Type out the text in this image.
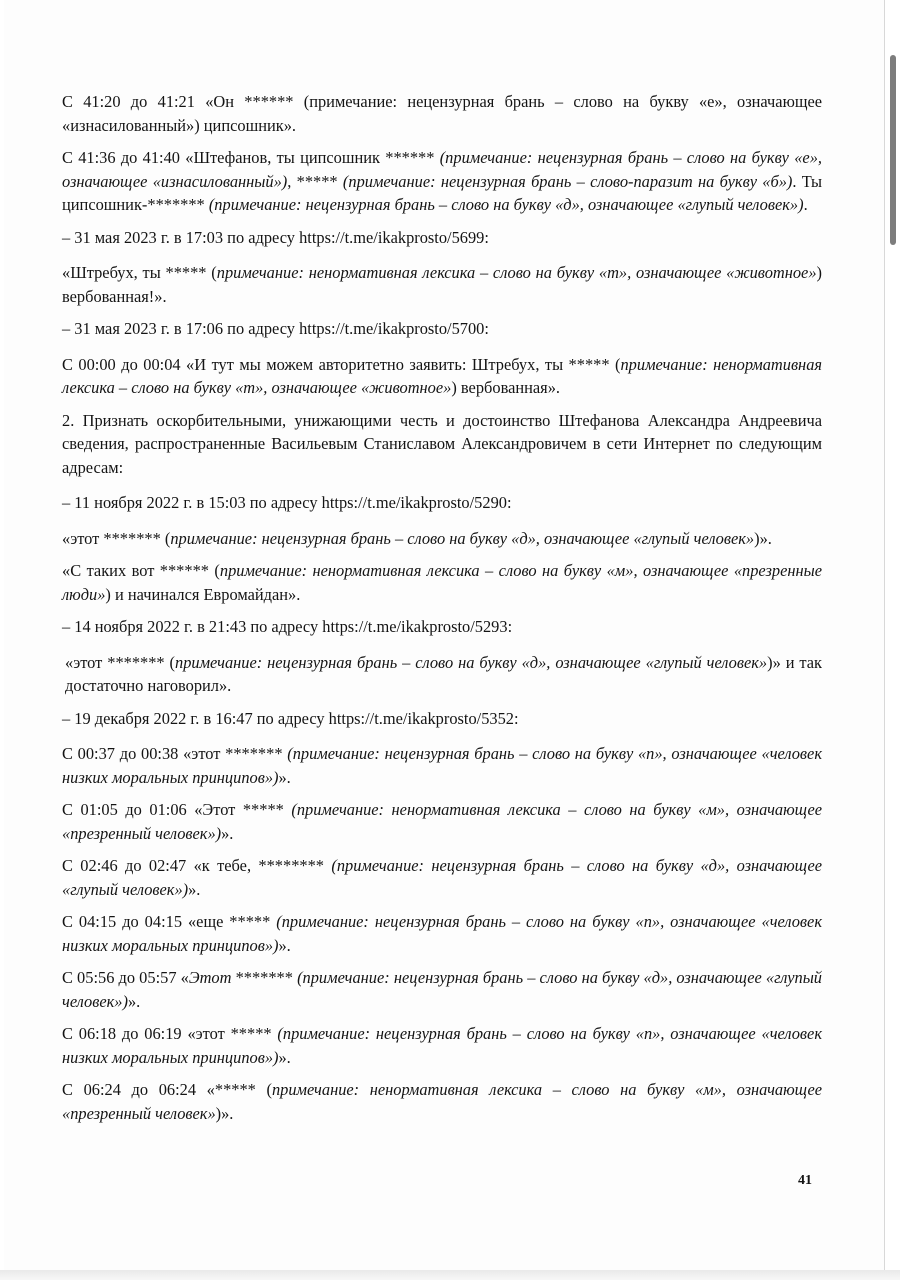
С 41:20 до 41:21 «Он ****** (примечание: нецензурная брань – слово на букву «е», означающее «изнасилованный») ципсошник».

С 41:36 до 41:40 «Штефанов, ты ципсошник ****** (примечание: нецензурная брань – слово на букву «е», означающее «изнасилованный»), ***** (примечание: нецензурная брань – слово-паразит на букву «б»). Ты ципсошник-******* (примечание: нецензурная брань – слово на букву «д», означающее «глупый человек»).

– 31 мая 2023 г. в 17:03 по адресу https://t.me/ikakprosto/5699:

«Штребух, ты ***** (примечание: ненормативная лексика – слово на букву «т», означающее «животное») вербованная!».

– 31 мая 2023 г. в 17:06 по адресу https://t.me/ikakprosto/5700:

С 00:00 до 00:04 «И тут мы можем авторитетно заявить: Штребух, ты ***** (примечание: ненормативная лексика – слово на букву «т», означающее «животное») вербованная».

2. Признать оскорбительными, унижающими честь и достоинство Штефанова Александра Андреевича сведения, распространенные Васильевым Станиславом Александровичем в сети Интернет по следующим адресам:

– 11 ноября 2022 г. в 15:03 по адресу https://t.me/ikakprosto/5290:

«этот ******* (примечание: нецензурная брань – слово на букву «д», означающее «глупый человек»)».

«С таких вот ****** (примечание: ненормативная лексика – слово на букву «м», означающее «презренные люди») и начинался Евромайдан».

– 14 ноября 2022 г. в 21:43 по адресу https://t.me/ikakprosto/5293:

«этот ******* (примечание: нецензурная брань – слово на букву «д», означающее «глупый человек»)» и так достаточно наговорил».

– 19 декабря 2022 г. в 16:47 по адресу https://t.me/ikakprosto/5352:

С 00:37 до 00:38 «этот ******* (примечание: нецензурная брань – слово на букву «п», означающее «человек низких моральных принципов»)».

С 01:05 до 01:06 «Этот ***** (примечание: ненормативная лексика – слово на букву «м», означающее «презренный человек»)».

С 02:46 до 02:47 «к тебе, ******** (примечание: нецензурная брань – слово на букву «д», означающее «глупый человек»)».

С 04:15 до 04:15 «еще ***** (примечание: нецензурная брань – слово на букву «п», означающее «человек низких моральных принципов»)».

С 05:56 до 05:57 «Этот ******* (примечание: нецензурная брань – слово на букву «д», означающее «глупый человек»)».

С 06:18 до 06:19 «этот ***** (примечание: нецензурная брань – слово на букву «п», означающее «человек низких моральных принципов»)».

С 06:24 до 06:24 «***** (примечание: ненормативная лексика – слово на букву «м», означающее «презренный человек»)».

41
